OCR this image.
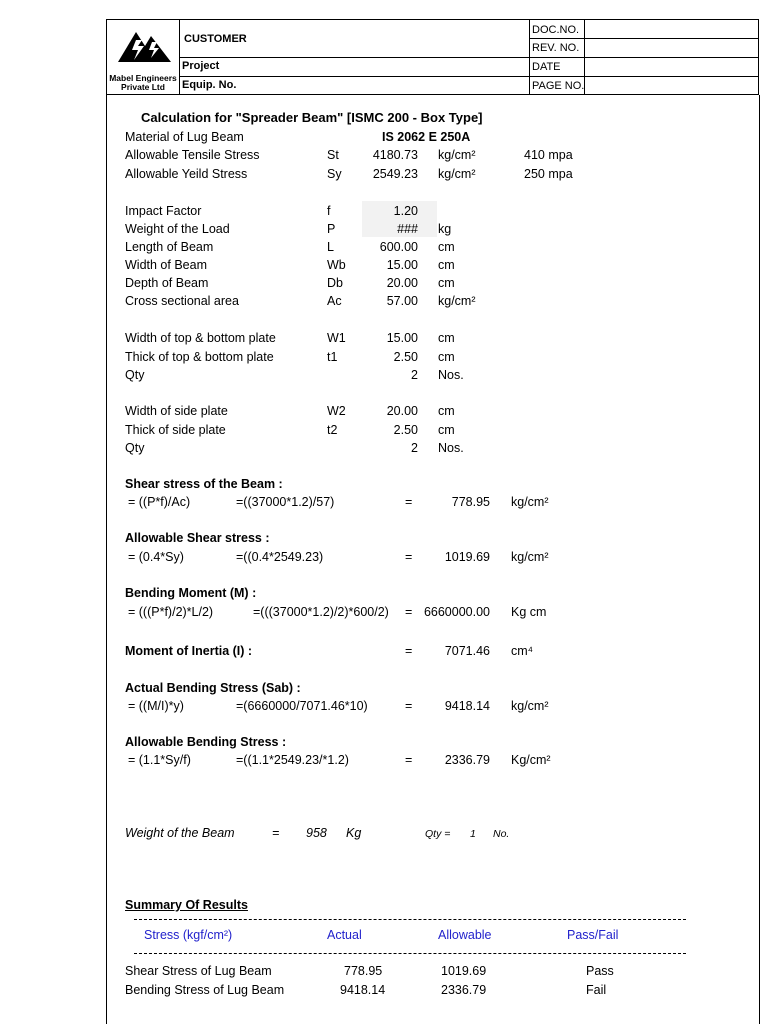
Mabel Engineers
Private Ltd
CUSTOMER
Project
Equip. No.
DOC.NO.
REV. NO.
DATE
PAGE NO.
Calculation for "Spreader Beam" [ISMC 200 - Box Type]
Material of Lug Beam	IS 2062 E 250A
Allowable Tensile Stress	St	4180.73 kg/cm²	410 mpa
Allowable Yeild Stress	Sy	2549.23 kg/cm²	250 mpa
Impact Factor	f	1.20
Weight of the Load	P	### kg
Length of Beam	L	600.00 cm
Width of Beam	Wb	15.00 cm
Depth of Beam	Db	20.00 cm
Cross sectional area	Ac	57.00 kg/cm²
Width of top & bottom plate	W1	15.00 cm
Thick of top & bottom plate	t1	2.50 cm
Qty	2 Nos.
Width of side plate	W2	20.00 cm
Thick of side plate	t2	2.50 cm
Qty	2 Nos.
Shear stress of the Beam :
= ((P*f)/Ac)	=((37000*1.2)/57)	=	778.95 kg/cm²
Allowable Shear stress :
= (0.4*Sy)	=((0.4*2549.23)	=	1019.69 kg/cm²
Bending Moment (M) :
= (((P*f)/2)*L/2)	=(((37000*1.2)/2)*600/2) = 6660000.00 Kg cm
Moment of Inertia (I) :	=	7071.46 cm⁴
Actual Bending Stress (Sab) :
= ((M/I)*y)	=(6660000/7071.46*10)	=	9418.14 kg/cm²
Allowable Bending Stress :
= (1.1*Sy/f)	=((1.1*2549.23/*1.2)	=	2336.79 Kg/cm²
Weight of the Beam	= 958 Kg	Qty = 1 No.
Summary Of Results
Stress (kgf/cm²)	Actual	Allowable	Pass/Fail
Shear Stress of Lug Beam	778.95	1019.69	Pass
Bending Stress of Lug Beam	9418.14	2336.79	Fail
